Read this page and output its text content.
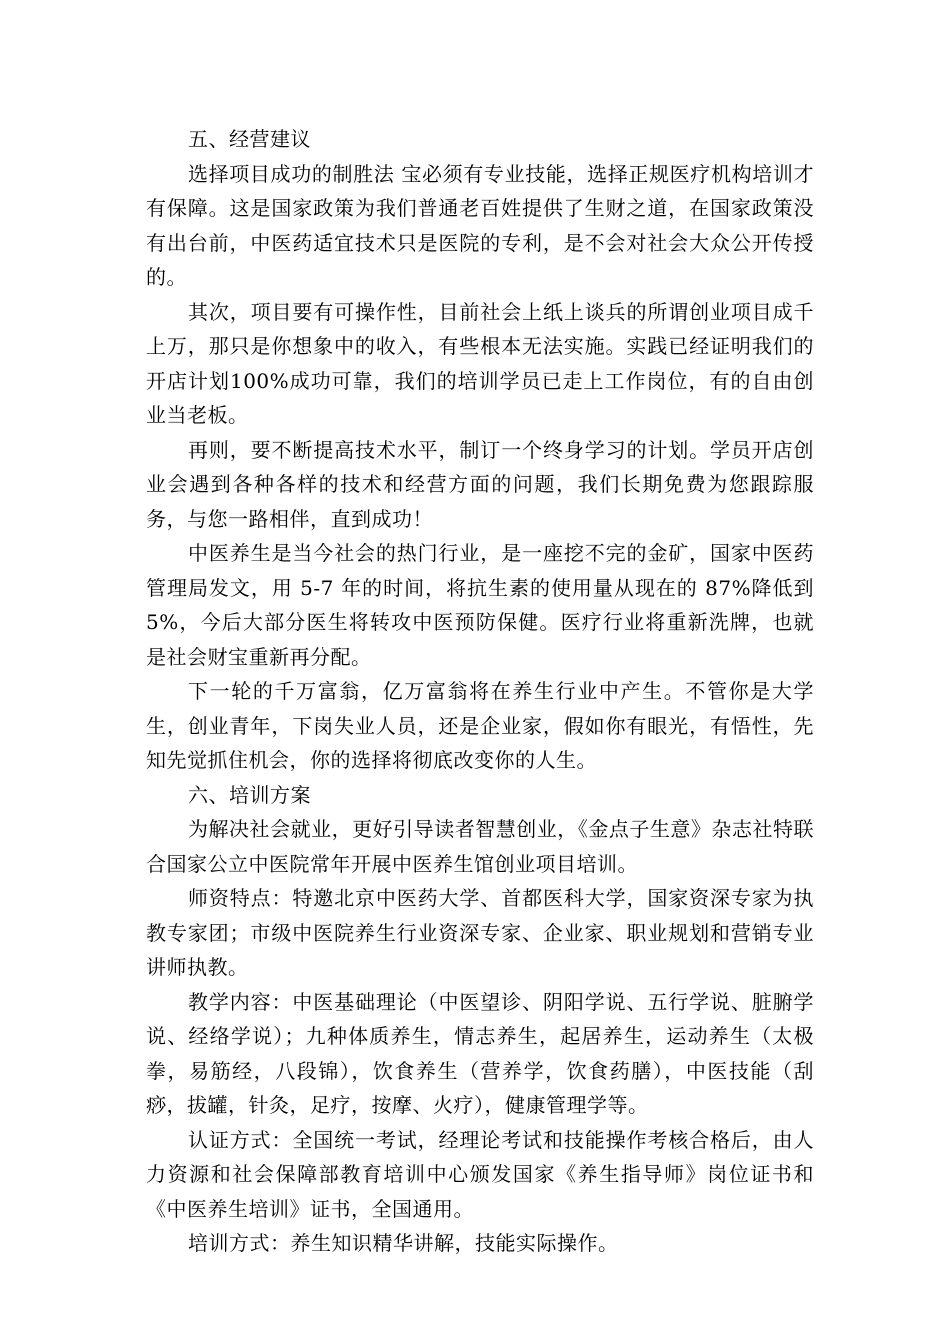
五、经营建议

选择项目成功的制胜法 宝必须有专业技能，选择正规医疗机构培训才有保障。这是国家政策为我们普通老百姓提供了生财之道，在国家政策没有出台前，中医药适宜技术只是医院的专利，是不会对社会大众公开传授的。

其次，项目要有可操作性，目前社会上纸上谈兵的所谓创业项目成千上万，那只是你想象中的收入，有些根本无法实施。实践已经证明我们的开店计划100%成功可靠，我们的培训学员已走上工作岗位，有的自由创业当老板。

再则，要不断提高技术水平，制订一个终身学习的计划。学员开店创业会遇到各种各样的技术和经营方面的问题，我们长期免费为您跟踪服务，与您一路相伴，直到成功！

中医养生是当今社会的热门行业，是一座挖不完的金矿，国家中医药管理局发文，用 5-7 年的时间，将抗生素的使用量从现在的 87%降低到 5%，今后大部分医生将转攻中医预防保健。医疗行业将重新洗牌，也就是社会财宝重新再分配。

下一轮的千万富翁，亿万富翁将在养生行业中产生。不管你是大学生，创业青年，下岗失业人员，还是企业家，假如你有眼光，有悟性，先知先觉抓住机会，你的选择将彻底改变你的人生。

六、培训方案

为解决社会就业，更好引导读者智慧创业，《金点子生意》杂志社特联合国家公立中医院常年开展中医养生馆创业项目培训。

师资特点：特邀北京中医药大学、首都医科大学，国家资深专家为执教专家团；市级中医院养生行业资深专家、企业家、职业规划和营销专业讲师执教。

教学内容：中医基础理论（中医望诊、阴阳学说、五行学说、脏腑学说、经络学说）；九种体质养生，情志养生，起居养生，运动养生（太极拳，易筋经，八段锦），饮食养生（营养学，饮食药膳），中医技能（刮痧，拔罐，针灸，足疗，按摩、火疗），健康管理学等。

认证方式：全国统一考试，经理论考试和技能操作考核合格后，由人力资源和社会保障部教育培训中心颁发国家《养生指导师》岗位证书和《中医养生培训》证书，全国通用。

培训方式：养生知识精华讲解，技能实际操作。
